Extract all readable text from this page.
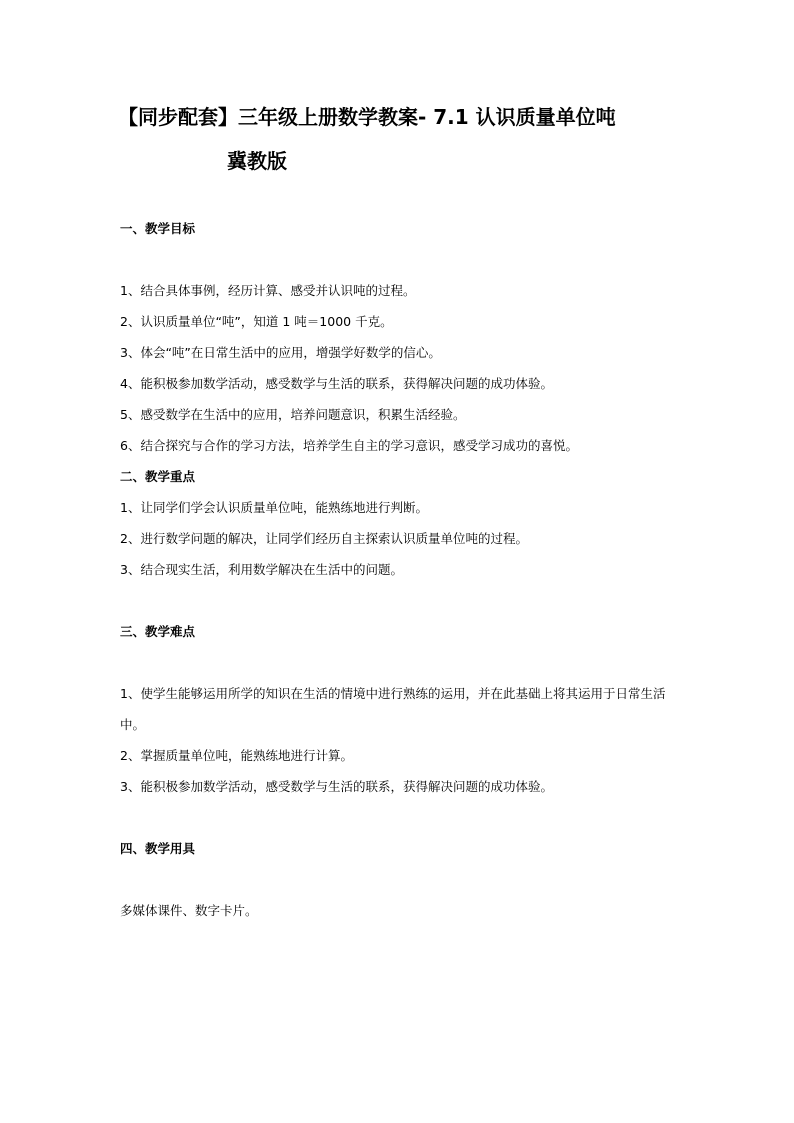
【同步配套】三年级上册数学教案- 7.1 认识质量单位吨
冀教版
一、教学目标
1、结合具体事例，经历计算、感受并认识吨的过程。
2、认识质量单位“吨”，知道 1 吨＝1000 千克。
3、体会“吨”在日常生活中的应用，增强学好数学的信心。
4、能积极参加数学活动，感受数学与生活的联系，获得解决问题的成功体验。
5、感受数学在生活中的应用，培养问题意识，积累生活经验。
6、结合探究与合作的学习方法，培养学生自主的学习意识，感受学习成功的喜悦。
二、教学重点
1、让同学们学会认识质量单位吨，能熟练地进行判断。
2、进行数学问题的解决，让同学们经历自主探索认识质量单位吨的过程。
3、结合现实生活，利用数学解决在生活中的问题。
三、教学难点
1、使学生能够运用所学的知识在生活的情境中进行熟练的运用，并在此基础上将其运用于日常生活中。
2、掌握质量单位吨，能熟练地进行计算。
3、能积极参加数学活动，感受数学与生活的联系，获得解决问题的成功体验。
四、教学用具
多媒体课件、数字卡片。
